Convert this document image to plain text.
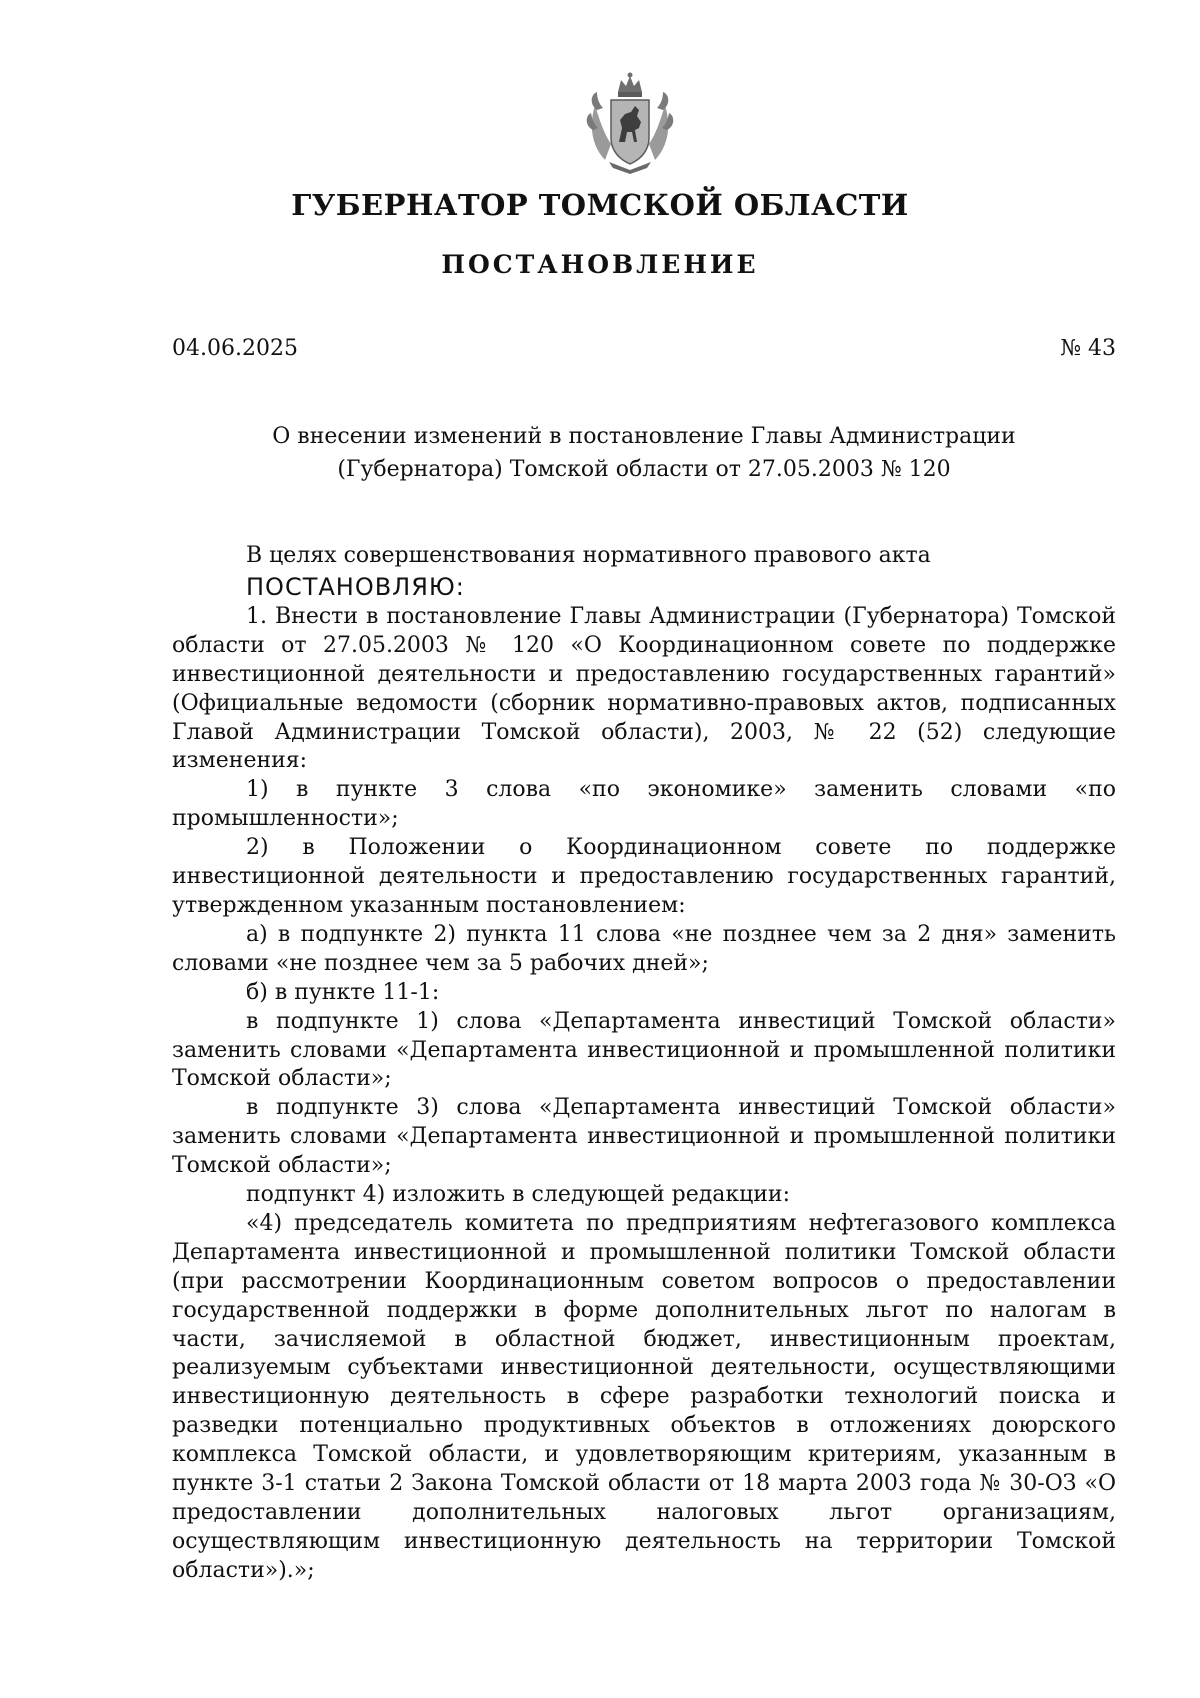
ГУБЕРНАТОР ТОМСКОЙ ОБЛАСТИ
ПОСТАНОВЛЕНИЕ
04.06.2025	№ 43
О внесении изменений в постановление Главы Администрации
(Губернатора) Томской области от 27.05.2003 № 120

В целях совершенствования нормативного правового акта

ПОСТАНОВЛЯЮ:

1. Внести в постановление Главы Администрации (Губернатора) Томской области от 27.05.2003 № 120 «О Координационном совете по поддержке инвестиционной деятельности и предоставлению государственных гарантий» (Официальные ведомости (сборник нормативно-правовых актов, подписанных Главой Администрации Томской области), 2003, № 22 (52) следующие изменения:

1) в пункте 3 слова «по экономике» заменить словами «по промышленности»;

2) в Положении о Координационном совете по поддержке инвестиционной деятельности и предоставлению государственных гарантий, утвержденном указанным постановлением:

а) в подпункте 2) пункта 11 слова «не позднее чем за 2 дня» заменить словами «не позднее чем за 5 рабочих дней»;

б) в пункте 11-1:

в подпункте 1) слова «Департамента инвестиций Томской области» заменить словами «Департамента инвестиционной и промышленной политики Томской области»;

в подпункте 3) слова «Департамента инвестиций Томской области» заменить словами «Департамента инвестиционной и промышленной политики Томской области»;

подпункт 4) изложить в следующей редакции:

«4) председатель комитета по предприятиям нефтегазового комплекса Департамента инвестиционной и промышленной политики Томской области (при рассмотрении Координационным советом вопросов о предоставлении государственной поддержки в форме дополнительных льгот по налогам в части, зачисляемой в областной бюджет, инвестиционным проектам, реализуемым субъектами инвестиционной деятельности, осуществляющими инвестиционную деятельность в сфере разработки технологий поиска и разведки потенциально продуктивных объектов в отложениях доюрского комплекса Томской области, и удовлетворяющим критериям, указанным в пункте 3-1 статьи 2 Закона Томской области от 18 марта 2003 года № 30-ОЗ «О предоставлении дополнительных налоговых льгот организациям, осуществляющим инвестиционную деятельность на территории Томской области»).»;
